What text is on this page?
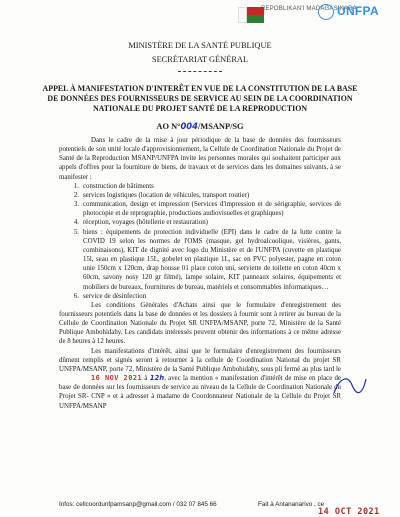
REPOBLIKAN'I MADAGASIKARA
UNFPA
MINISTÈRE DE LA SANTÉ PUBLIQUE
SECRÉTARIAT GÉNÉRAL
APPEL À MANIFESTATION D'INTERÊT EN VUE DE LA CONSTITUTION DE LA BASE DE DONNÉES DES FOURNISSEURS DE SERVICE AU SEIN DE LA COORDINATION NATIONALE DU PROJET SANTÉ DE LA REPRODUCTION
AO N°004/MSANP/SG

Dans le cadre de la mise à jour périodique de la base de données des fournisseurs potentiels de son unité locale d'approvisionnement, la Cellule de Coordination Nationale du Projet de Santé de la Reproduction MSANP/UNFPA invite les personnes morales qui souhaitent participer aux appels d'offres pour la fourniture de biens, de travaux et de services dans les domaines suivants, à se manifester :

1. construction de bâtiments
2. services logistiques (location de véhicules, transport routier)
3. communication, design et impression (Services d'impression et de sérigraphie, services de photocopie et de reprographie, productions audiovisuelles et graphiques)
4. réception, voyages (hôtellerie et restauration)
5. biens : équipements de protection individuelle (EPI) dans le cadre de la lutte contre la COVID 19 selon les normes de l'OMS (masque, gel hydroalcoolique, visières, gants, combinaisons), KIT de dignité avec logo du Ministère et de l'UNFPA (cuvette en plastique 15l, seau en plastique 15L, gobelet en plastique 1L, sac en PVC polyester, pagne en coton unie 150cm x 120cm, drap housse 01 place coton uni, serviette de toilette en coton 40cm x 60cm, savony nosy 120 gr filmé), lampe solaire, KIT panneaux solaires, équipements et mobiliers de bureaux, fournitures de bureau, matériels et consommables informatiques…
6. service de désinfection

Les conditions Générales d'Achats ainsi que le formulaire d'enregistrement des fournisseurs potentiels dans la base de données et les dossiers à fournir sont à retirer au bureau de la Cellule de Coordination Nationale du Projet SR UNFPA/MSANP, porte 72, Ministère de la Santé Publique Ambohidahy. Les candidats intéressés peuvent obtenir des informations à ce même adresse de 8 heures à 12 heures.

Les manifestations d'intérêt, ainsi que le formulaire d'enregistrement des fournisseurs dûment remplis et signés seront à retourner à la cellule de Coordination National du projet SR UNFPA/MSANP, porte 72, Ministère de la Santé Publique Ambohidahy, sous pli fermé au plus tard le 16 NOV 2021 à 12h, avec la mention « manifestation d'intérêt de mise en place de base de données sur les fournisseurs de service au niveau de la Cellule de Coordination Nationale du Projet SR- CNP » et à adresser à madame de Coordonnateur Nationale de la Cellule du Projet SR UNFPA/MSANP

Infos: cellcoordunfpamsanp@gmail.com / 032 07 845 66	Fait à Antananarivo , ce
14 OCT 2021
